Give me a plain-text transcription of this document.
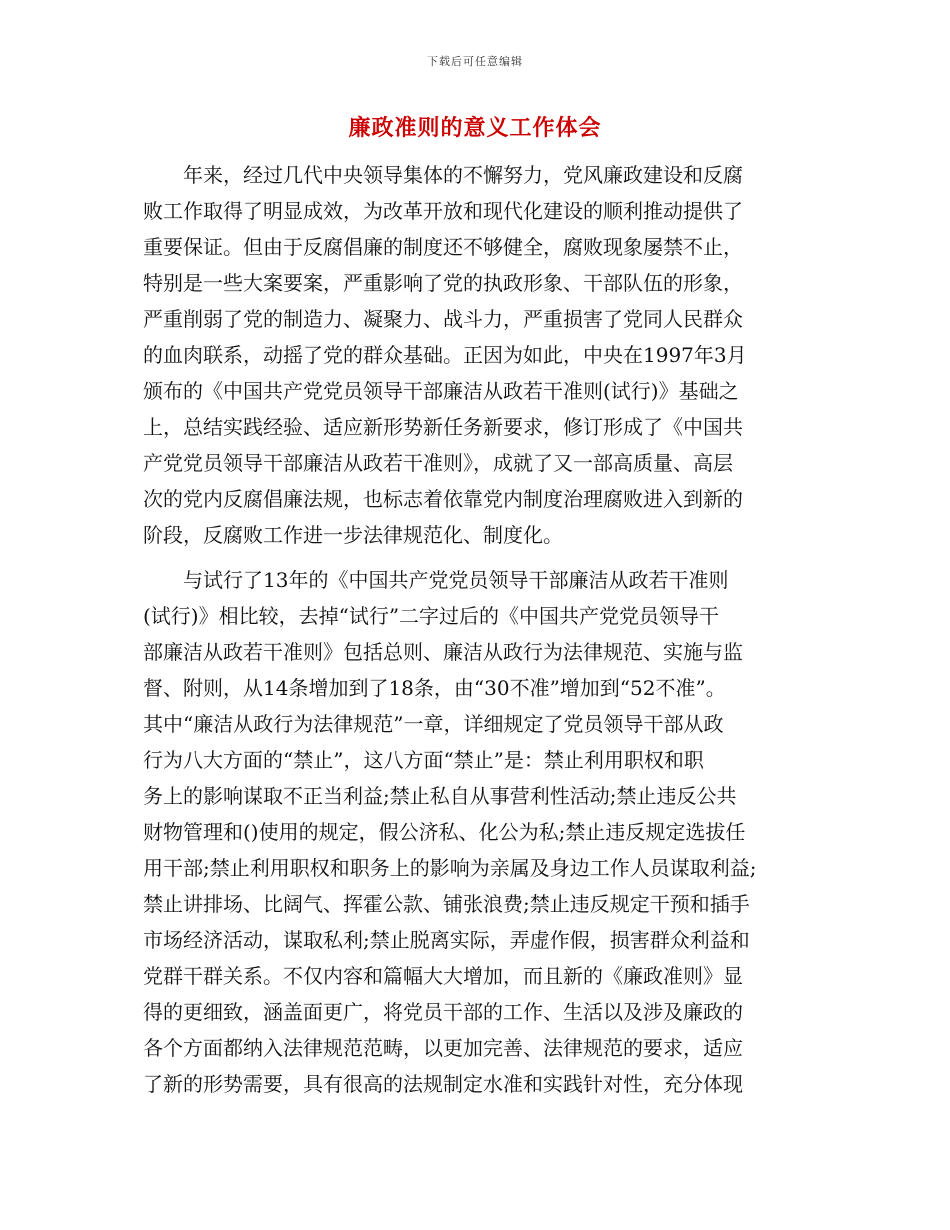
下载后可任意编辑
廉政准则的意义工作体会
　　年来，经过几代中央领导集体的不懈努力，党风廉政建设和反腐
败工作取得了明显成效，为改革开放和现代化建设的顺利推动提供了
重要保证。但由于反腐倡廉的制度还不够健全，腐败现象屡禁不止，
特别是一些大案要案，严重影响了党的执政形象、干部队伍的形象，
严重削弱了党的制造力、凝聚力、战斗力，严重损害了党同人民群众
的血肉联系，动摇了党的群众基础。正因为如此，中央在1997年3月
颁布的《中国共产党党员领导干部廉洁从政若干准则(试行)》基础之
上，总结实践经验、适应新形势新任务新要求，修订形成了《中国共
产党党员领导干部廉洁从政若干准则》，成就了又一部高质量、高层
次的党内反腐倡廉法规，也标志着依靠党内制度治理腐败进入到新的
阶段，反腐败工作进一步法律规范化、制度化。
　　与试行了13年的《中国共产党党员领导干部廉洁从政若干准则
(试行)》相比较，去掉“试行”二字过后的《中国共产党党员领导干
部廉洁从政若干准则》包括总则、廉洁从政行为法律规范、实施与监
督、附则，从14条增加到了18条，由“30不准”增加到“52不准”。
其中“廉洁从政行为法律规范”一章，详细规定了党员领导干部从政
行为八大方面的“禁止”，这八方面“禁止”是：禁止利用职权和职
务上的影响谋取不正当利益;禁止私自从事营利性活动;禁止违反公共
财物管理和()使用的规定，假公济私、化公为私;禁止违反规定选拔任
用干部;禁止利用职权和职务上的影响为亲属及身边工作人员谋取利益;
禁止讲排场、比阔气、挥霍公款、铺张浪费;禁止违反规定干预和插手
市场经济活动，谋取私利;禁止脱离实际，弄虚作假，损害群众利益和
党群干群关系。不仅内容和篇幅大大增加，而且新的《廉政准则》显
得的更细致，涵盖面更广，将党员干部的工作、生活以及涉及廉政的
各个方面都纳入法律规范范畴，以更加完善、法律规范的要求，适应
了新的形势需要，具有很高的法规制定水准和实践针对性，充分体现
